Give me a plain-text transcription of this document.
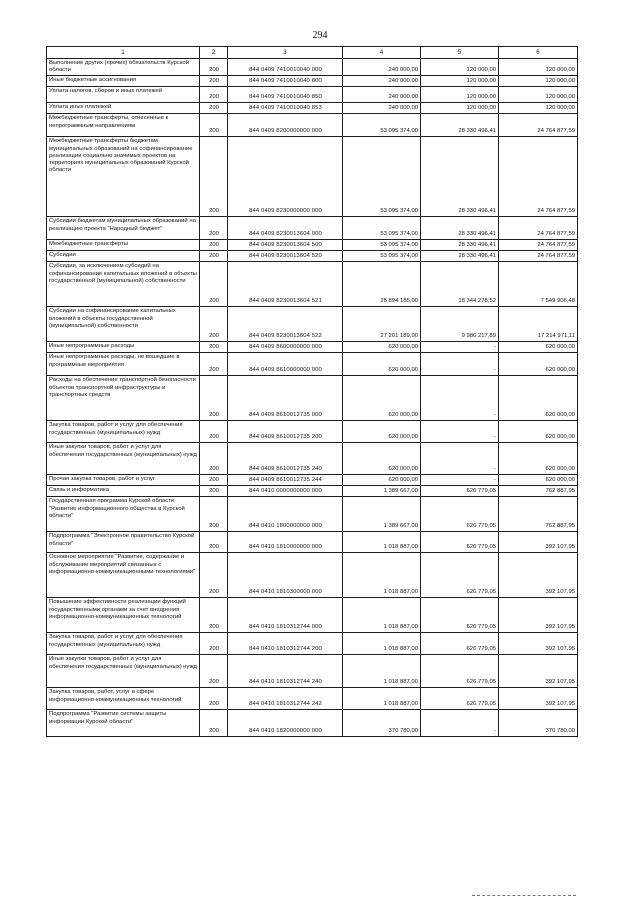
294
1	2	3	4	5	6

Выполнение других (прочих) обязательств Курской области	200	844 0409 7410010040 000	240 000,00	120 000,00	120 000,00

Иные бюджетные ассигнования	200	844 0409 7410010040 800	240 000,00	120 000,00	120 000,00

Уплата налогов, сборов и иных платежей	200	844 0409 7410010040 850	240 000,00	120 000,00	120 000,00

Уплата иных платежей	200	844 0409 7410010040 853	240 000,00	120 000,00	120 000,00

Межбюджетные трансферты, отнесенные к непрограммным направлениям	200	844 0409 8200000000 000	53 095 374,00	28 330 496,41	24 764 877,59

Межбюджетные трансферты бюджетам муниципальных образований на софинансирование реализации социально значимых проектов на территориях муниципальных образований Курской области	200	844 0409 8230000000 000	53 095 374,00	28 330 496,41	24 764 877,59

Субсидии бюджетам муниципальных образований на реализацию проекта "Народный бюджет"	200	844 0409 8230013604 000	53 095 374,00	28 330 496,41	24 764 877,59

Межбюджетные трансферты	200	844 0409 8230013604 500	53 095 374,00	28 330 496,41	24 764 877,59

Субсидии	200	844 0409 8230013604 520	53 095 374,00	28 330 496,41	24 764 877,59

Субсидии, за исключением субсидий на софинансирование капитальных вложений в объекты государственной (муниципальной) собственности	200	844 0409 8230013604 521	25 894 185,00	18 344 278,52	7 549 906,48

Субсидии на софинансирование капитальных вложений в объекты государственной (муниципальной) собственности	200	844 0409 8230013604 522	27 201 189,00	9 986 217,89	17 214 971,11

Иные непрограммные расходы	200	844 0409 8600000000 000	620 000,00	-	620 000,00

Иные непрограммные расходы, не вошедшие в программные мероприятия	200	844 0409 8610000000 000	620 000,00	-	620 000,00

Расходы на обеспечение транспортной безопасности объектов транспортной инфраструктуры и транспортных средств	200	844 0409 8610012735 000	620 000,00	-	620 000,00

Закупка товаров, работ и услуг для обеспечения государственных (муниципальных) нужд	200	844 0409 8610012735 200	620 000,00	-	620 000,00

Иные закупки товаров, работ и услуг для обеспечения государственных (муниципальных) нужд	200	844 0409 8610012735 240	620 000,00	-	620 000,00

Прочая закупка товаров, работ и услуг	200	844 0409 8610012735 244	620 000,00	-	620 000,00

Связь и информатика	200	844 0410 0000000000 000	1 389 667,00	626 779,05	762 887,95

Государственная программа Курской области "Развитие информационного общества в Курской области"	200	844 0410 1800000000 000	1 389 667,00	626 779,05	762 887,95

Подпрограмма "Электронное правительство Курской области"	200	844 0410 1810000000 000	1 018 887,00	626 779,05	392 107,95

Основное мероприятие "Развитие, содержание и обслуживание мероприятий связанных с информационно-коммуникационными технологиями"	200	844 0410 1810300000 000	1 018 887,00	626 779,05	392 107,95

Повышение эффективности реализации функций государственными органами за счет внедрения информационно-коммуникационных технологий	200	844 0410 1810312744 000	1 018 887,00	626 779,05	392 107,95

Закупка товаров, работ и услуг для обеспечения государственных (муниципальных) нужд	200	844 0410 1810312744 200	1 018 887,00	626 779,05	392 107,95

Иные закупки товаров, работ и услуг для обеспечения государственных (муниципальных) нужд	200	844 0410 1810312744 240	1 018 887,00	626 779,05	392 107,95

Закупка товаров, работ, услуг в сфере информационно-коммуникационных технологий	200	844 0410 1810312744 242	1 018 887,00	626 779,05	392 107,95

Подпрограмма "Развитие системы защиты информации Курской области"	200	844 0410 1820000000 000	370 780,00	-	370 780,00
